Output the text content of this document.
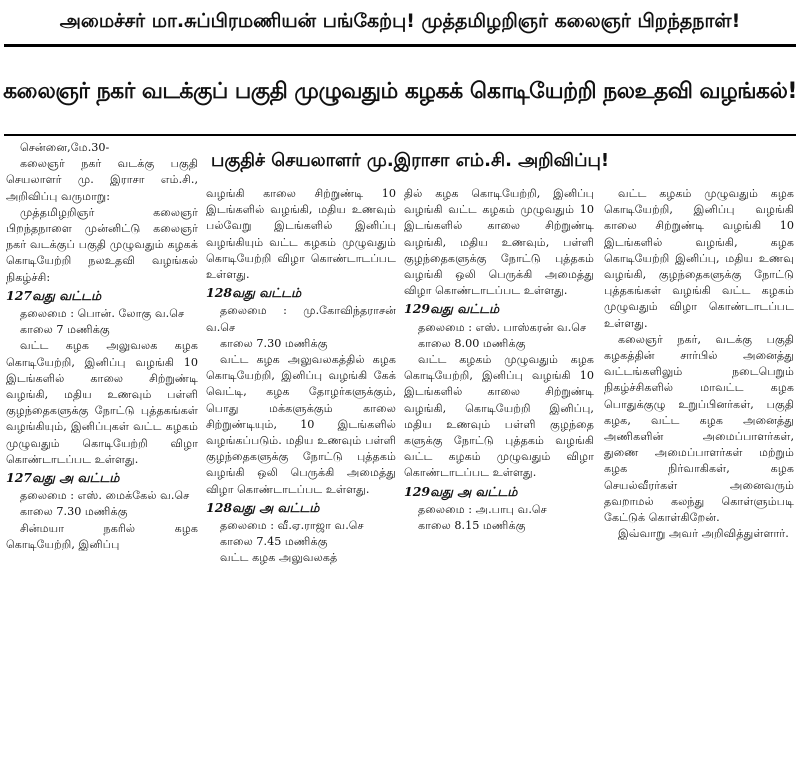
அமைச்சர் மா.சுப்பிரமணியன் பங்கேற்பு! முத்தமிழறிஞர் கலைஞர் பிறந்தநாள்!
கலைஞர் நகர் வடக்குப் பகுதி முழுவதும் கழகக் கொடியேற்றி நலஉதவி வழங்கல்!
பகுதிச் செயலாளர் மு.இராசா எம்.சி. அறிவிப்பு!

சென்னை,மே.30-

கலைஞர் நகர் வடக்கு பகுதி செயலாளர் மு. இராசா எம்.சி., அறிவிப்பு வருமாறு:

முத்தமிழறிஞர் கலைஞர் பிறந்தநாளை முன்னிட்டு கலைஞர் நகர் வடக்குப் பகுதி முழுவதும் கழகக் கொடியேற்றி நலஉதவி வழங்கல் நிகழ்ச்சி:

127வது வட்டம்

தலைமை : பொன். லோகு வ.செ

காலை 7 மணிக்கு

வட்ட கழக அலுவலக கழக கொடியேற்றி, இனிப்பு வழங்கி 10 இடங்களில் காலை சிற்றுண்டி வழங்கி, மதிய உணவும் பள்ளி குழந்தைகளுக்கு நோட்டு புத்தகங்கள் வழங்கியும், இனிப்புகள் வட்ட கழகம் முழுவதும் கொடியேற்றி விழா கொண்டாடப்பட உள்ளது.

127வது அ வட்டம்

தலைமை : எஸ். மைக்கேல் வ.செ

காலை 7.30 மணிக்கு

சின்மயா நகரில் கழக கொடியேற்றி, இனிப்பு

வழங்கி காலை சிற்றுண்டி 10 இடங்களில் வழங்கி, மதிய உணவும் பல்வேறு இடங்களில் இனிப்பு வழங்கியும் வட்ட கழகம் முழுவதும் கொடியேற்றி விழா கொண்டாடப்பட உள்ளது.

128வது வட்டம்

தலைமை : மு.கோவிந்தராசன் வ.செ

காலை 7.30 மணிக்கு

வட்ட கழக அலுவலகத்தில் கழக கொடியேற்றி, இனிப்பு வழங்கி கேக் வெட்டி, கழக தோழர்களுக்கும், பொது மக்களுக்கும் காலை சிற்றுண்டியும், 10 இடங்களில் வழங்கப்படும். மதிய உணவும் பள்ளி குழந்தைகளுக்கு நோட்டு புத்தகம் வழங்கி ஒலி பெருக்கி அமைத்து விழா கொண்டாடப்பட உள்ளது.

128வது அ வட்டம்

தலைமை : வீ.ஏ.ராஜா வ.செ

காலை 7.45 மணிக்கு

வட்ட கழக அலுவலகத்

தில் கழக கொடியேற்றி, இனிப்பு வழங்கி வட்ட கழகம் முழுவதும் 10 இடங்களில் காலை சிற்றுண்டி வழங்கி, மதிய உணவும், பள்ளி குழந்தைகளுக்கு நோட்டு புத்தகம் வழங்கி ஒலி பெருக்கி அமைத்து விழா கொண்டாடப்பட உள்ளது.

129வது வட்டம்

தலைமை : எஸ். பாஸ்கரன் வ.செ

காலை 8.00 மணிக்கு

வட்ட கழகம் முழுவதும் கழக கொடியேற்றி, இனிப்பு வழங்கி 10 இடங்களில் காலை சிற்றுண்டி வழங்கி, கொடியேற்றி இனிப்பு, மதிய உணவும் பள்ளி குழந்தை களுக்கு நோட்டு புத்தகம் வழங்கி வட்ட கழகம் முழுவதும் விழா கொண்டாடப்பட உள்ளது.

129வது அ வட்டம்

தலைமை : அ.பாபு வ.செ

காலை 8.15 மணிக்கு

வட்ட கழகம் முழுவதும் கழக கொடியேற்றி, இனிப்பு வழங்கி காலை சிற்றுண்டி வழங்கி 10 இடங்களில் வழங்கி, கழக கொடியேற்றி இனிப்பு, மதிய உணவு வழங்கி, குழந்தைகளுக்கு நோட்டு புத்தகங்கள் வழங்கி வட்ட கழகம் முழுவதும் விழா கொண்டாடப்பட உள்ளது.

கலைஞர் நகர், வடக்கு பகுதி கழகத்தின் சார்பில் அனைத்து வட்டங்களிலும் நடைபெறும் நிகழ்ச்சிகளில் மாவட்ட கழக பொதுக்குழு உறுப்பினர்கள், பகுதி கழக, வட்ட கழக அனைத்து அணிகளின் அமைப்பாளர்கள், துணை அமைப்பாளர்கள் மற்றும் கழக நிர்வாகிகள், கழக செயல்வீரர்கள் அனைவரும் தவறாமல் கலந்து கொள்ளும்படி கேட்டுக் கொள்கிறேன்.

இவ்வாறு அவர் அறிவித்துள்ளார்.
